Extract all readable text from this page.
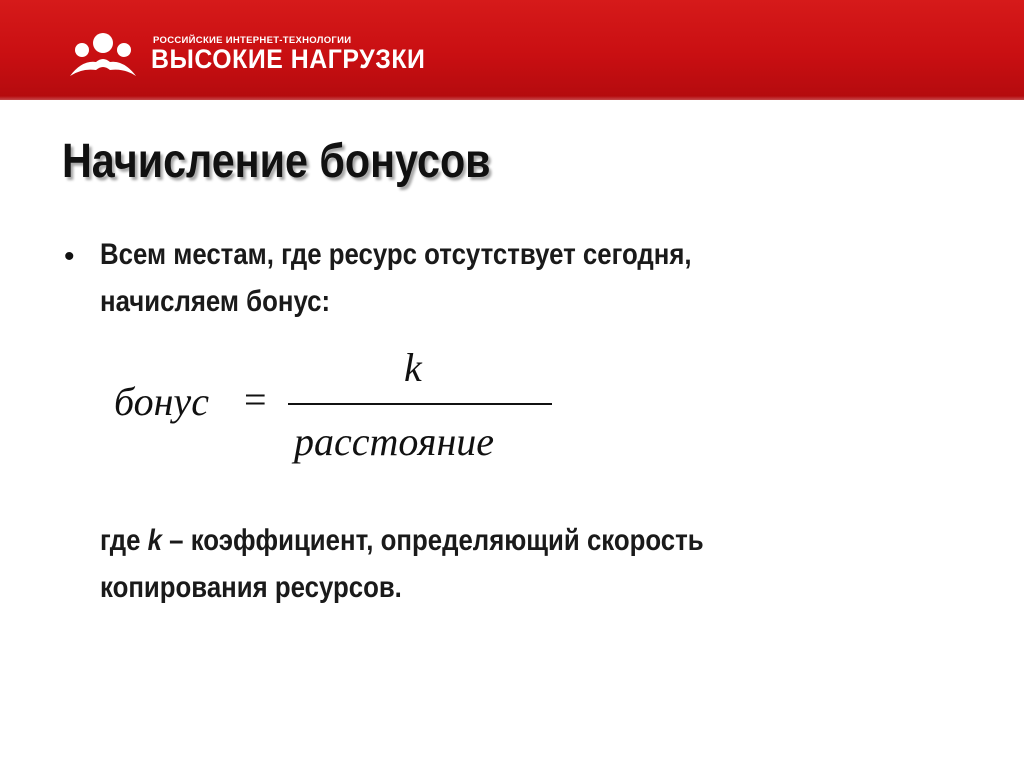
РОССИЙСКИЕ ИНТЕРНЕТ-ТЕХНОЛОГИИ
ВЫСОКИЕ НАГРУЗКИ
Начисление бонусов
• Всем местам, где ресурс отсутствует сегодня,
начисляем бонус:
бонус =
k
расстояние
где k – коэффициент, определяющий скорость
копирования ресурсов.
